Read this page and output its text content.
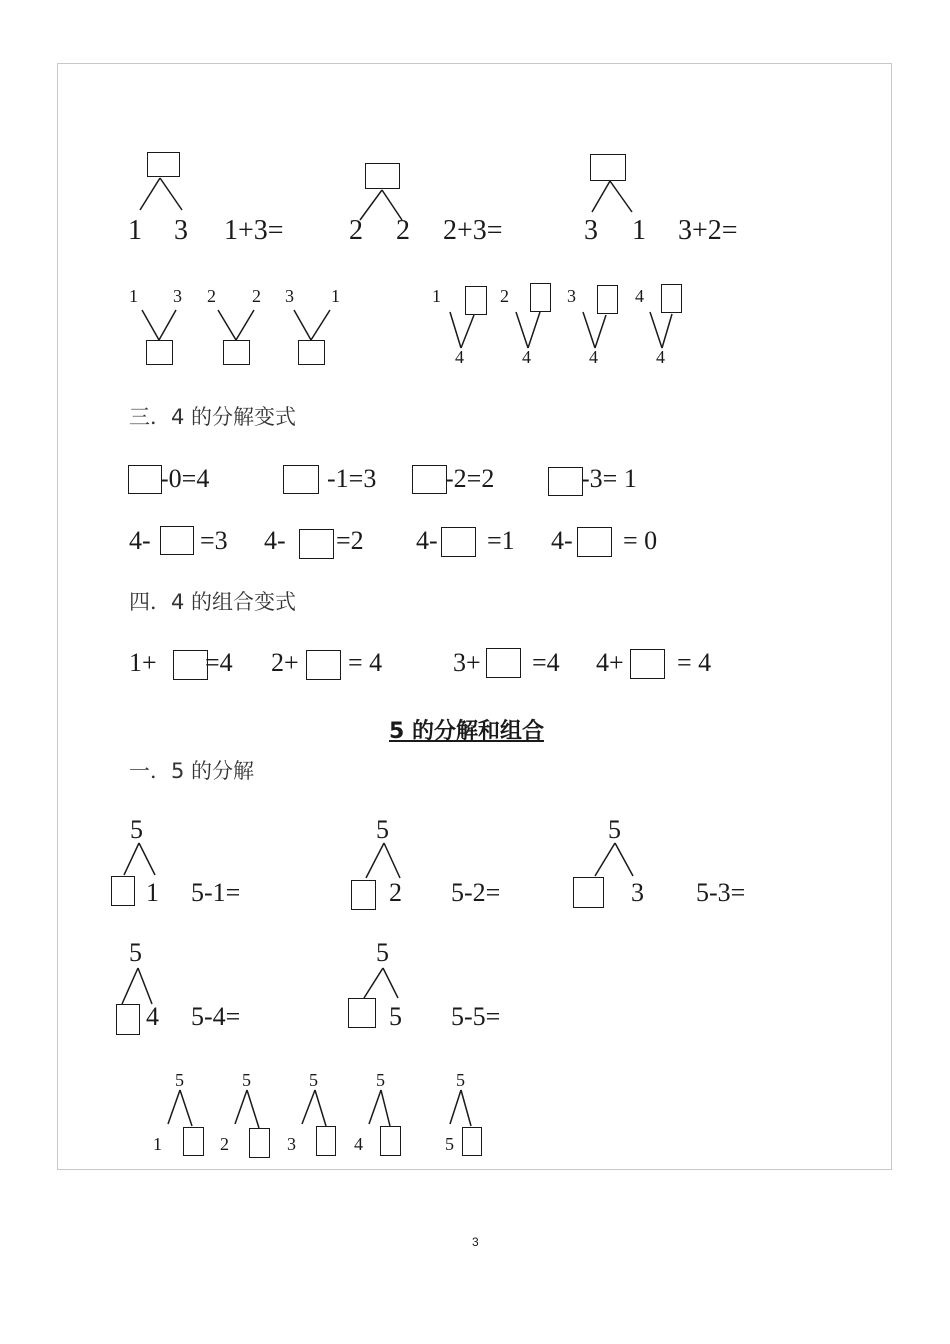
1 3 1+3= 2 2 2+3=	3 1 3+2=
1 3 2 2 3 1	1
4
2
4
3
4
4
4
三．4 的分解变式
-0=4	-1=3	-2=2	-3= 1
4- =3 4- =2 4- =1 4- = 0
四．4 的组合变式
1+ =4 2+ = 4	3+ =4 4+ = 4
5 的分解和组合
一．5 的分解
5
1 5-1=
5
2 5-2=
5
3 5-3=
5
4 5-4=
5
5 5-5=
5
1
5
2
5
3
5
4
5
5
3
